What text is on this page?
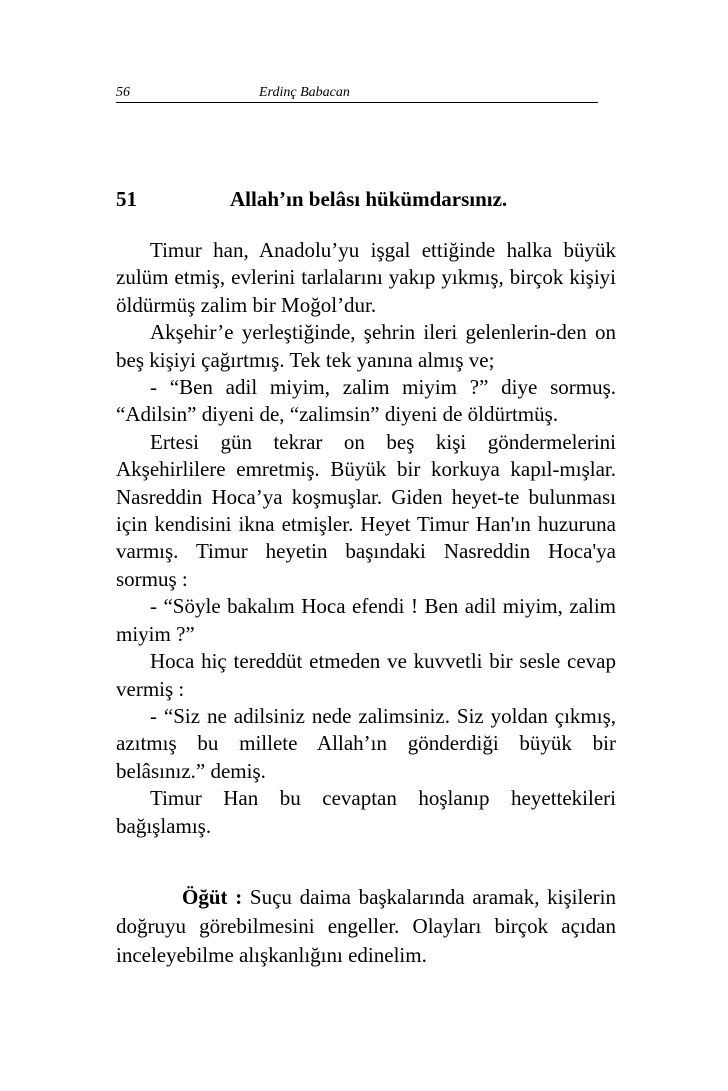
56	Erdinç Babacan
51	Allah’ın belâsı hükümdarsınız.

Timur han, Anadolu’yu işgal ettiğinde halka büyük zulüm etmiş, evlerini tarlalarını yakıp yıkmış, birçok kişiyi öldürmüş zalim bir Moğol’dur.

Akşehir’e yerleştiğinde, şehrin ileri gelenlerin-den on beş kişiyi çağırtmış. Tek tek yanına almış ve;

- “Ben adil miyim, zalim miyim ?” diye sormuş. “Adilsin” diyeni de, “zalimsin” diyeni de öldürtmüş.

Ertesi gün tekrar on beş kişi göndermelerini Akşehirlilere emretmiş. Büyük bir korkuya kapıl-mışlar. Nasreddin Hoca’ya koşmuşlar. Giden heyet-te bulunması için kendisini ikna etmişler. Heyet Timur Han'ın huzuruna varmış. Timur heyetin başındaki Nasreddin Hoca'ya sormuş :

- “Söyle bakalım Hoca efendi ! Ben adil miyim, zalim miyim ?”

Hoca hiç tereddüt etmeden ve kuvvetli bir sesle cevap vermiş :

- “Siz ne adilsiniz nede zalimsiniz. Siz yoldan çıkmış, azıtmış bu millete Allah’ın gönderdiği büyük bir belâsınız.” demiş.

Timur Han bu cevaptan hoşlanıp heyettekileri bağışlamış.

Öğüt : Suçu daima başkalarında aramak, kişilerin doğruyu görebilmesini engeller. Olayları birçok açıdan inceleyebilme alışkanlığını edinelim.
